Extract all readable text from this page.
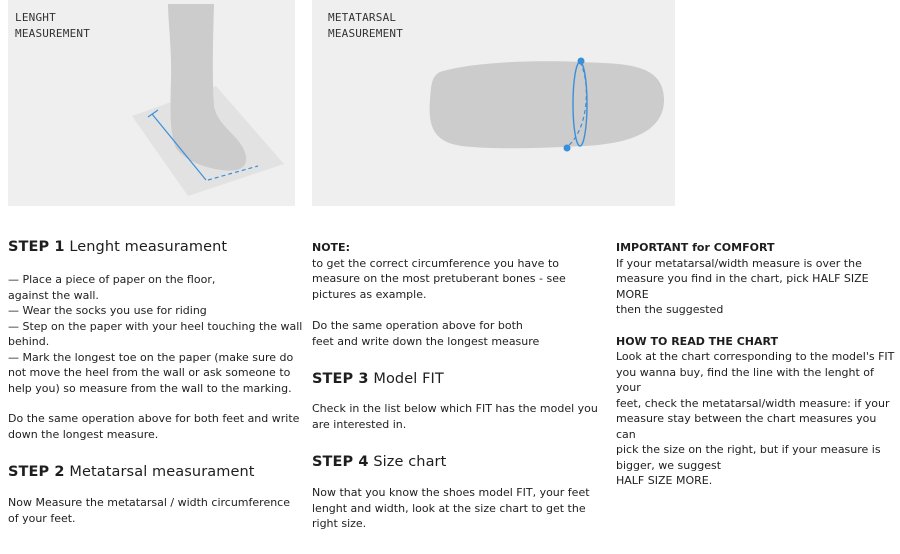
LENGHT
MEASUREMENT
METATARSAL
MEASUREMENT
STEP 1 Lenght measurament

— Place a piece of paper on the floor,
against the wall.
— Wear the socks you use for riding
— Step on the paper with your heel touching the wall
behind.
— Mark the longest toe on the paper (make sure do
not move the heel from the wall or ask someone to
help you) so measure from the wall to the marking.

Do the same operation above for both feet and write
down the longest measure.

STEP 2 Metatarsal measurament

Now Measure the metatarsal / width circumference
of your feet.

NOTE:

to get the correct circumference you have to
measure on the most pretuberant bones - see
pictures as example.

Do the same operation above for both
feet and write down the longest measure

STEP 3 Model FIT

Check in the list below which FIT has the model you
are interested in.

STEP 4 Size chart

Now that you know the shoes model FIT, your feet
lenght and width, look at the size chart to get the
right size.

IMPORTANT for COMFORT

If your metatarsal/width measure is over the
measure you find in the chart, pick HALF SIZE MORE
then the suggested

HOW TO READ THE CHART

Look at the chart corresponding to the model's FIT
you wanna buy, find the line with the lenght of your
feet, check the metatarsal/width measure: if your
measure stay between the chart measures you can
pick the size on the right, but if your measure is
bigger, we suggest
HALF SIZE MORE.
